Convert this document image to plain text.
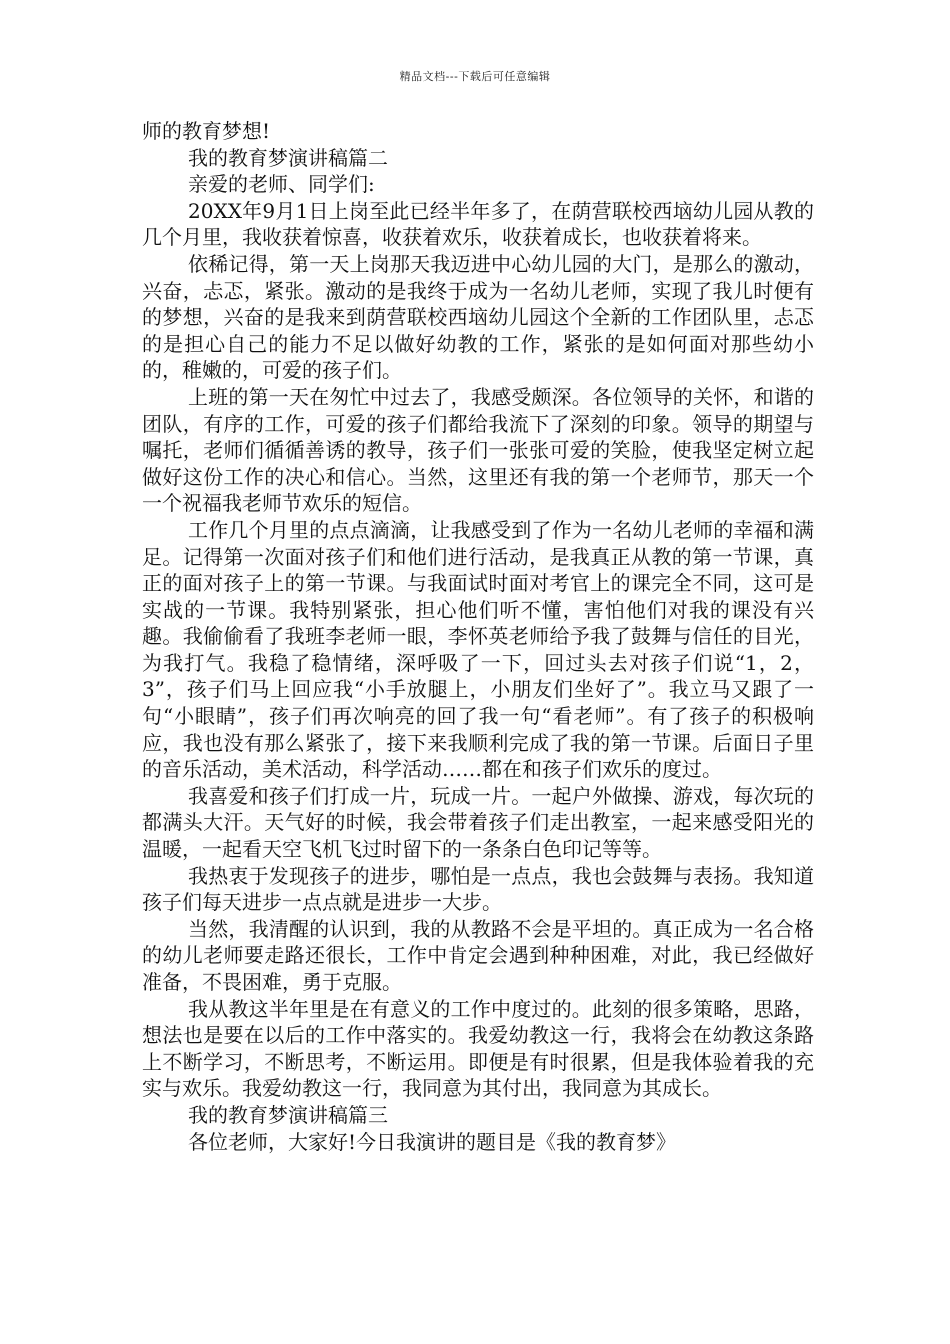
精品文档---下载后可任意编辑

师的教育梦想!

我的教育梦演讲稿篇二

亲爱的老师、同学们:

20XX年9月1日上岗至此已经半年多了，在荫营联校西垴幼儿园从教的几个月里，我收获着惊喜，收获着欢乐，收获着成长，也收获着将来。

依稀记得，第一天上岗那天我迈进中心幼儿园的大门，是那么的激动，兴奋，忐忑，紧张。激动的是我终于成为一名幼儿老师，实现了我儿时便有的梦想，兴奋的是我来到荫营联校西垴幼儿园这个全新的工作团队里，忐忑的是担心自己的能力不足以做好幼教的工作，紧张的是如何面对那些幼小的，稚嫩的，可爱的孩子们。

上班的第一天在匆忙中过去了，我感受颇深。各位领导的关怀，和谐的团队，有序的工作，可爱的孩子们都给我流下了深刻的印象。领导的期望与嘱托，老师们循循善诱的教导，孩子们一张张可爱的笑脸，使我坚定树立起做好这份工作的决心和信心。当然，这里还有我的第一个老师节，那天一个一个祝福我老师节欢乐的短信。

工作几个月里的点点滴滴，让我感受到了作为一名幼儿老师的幸福和满足。记得第一次面对孩子们和他们进行活动，是我真正从教的第一节课，真正的面对孩子上的第一节课。与我面试时面对考官上的课完全不同，这可是实战的一节课。我特别紧张，担心他们听不懂，害怕他们对我的课没有兴趣。我偷偷看了我班李老师一眼，李怀英老师给予我了鼓舞与信任的目光，为我打气。我稳了稳情绪，深呼吸了一下，回过头去对孩子们说“1，2，3”，孩子们马上回应我“小手放腿上，小朋友们坐好了”。我立马又跟了一句“小眼睛”，孩子们再次响亮的回了我一句“看老师”。有了孩子的积极响应，我也没有那么紧张了，接下来我顺利完成了我的第一节课。后面日子里的音乐活动，美术活动，科学活动……都在和孩子们欢乐的度过。

我喜爱和孩子们打成一片，玩成一片。一起户外做操、游戏，每次玩的都满头大汗。天气好的时候，我会带着孩子们走出教室，一起来感受阳光的温暖，一起看天空飞机飞过时留下的一条条白色印记等等。

我热衷于发现孩子的进步，哪怕是一点点，我也会鼓舞与表扬。我知道孩子们每天进步一点点就是进步一大步。

当然，我清醒的认识到，我的从教路不会是平坦的。真正成为一名合格的幼儿老师要走路还很长，工作中肯定会遇到种种困难，对此，我已经做好准备，不畏困难，勇于克服。

我从教这半年里是在有意义的工作中度过的。此刻的很多策略，思路，想法也是要在以后的工作中落实的。我爱幼教这一行，我将会在幼教这条路上不断学习，不断思考，不断运用。即便是有时很累，但是我体验着我的充实与欢乐。我爱幼教这一行，我同意为其付出，我同意为其成长。

我的教育梦演讲稿篇三

各位老师，大家好!今日我演讲的题目是《我的教育梦》
